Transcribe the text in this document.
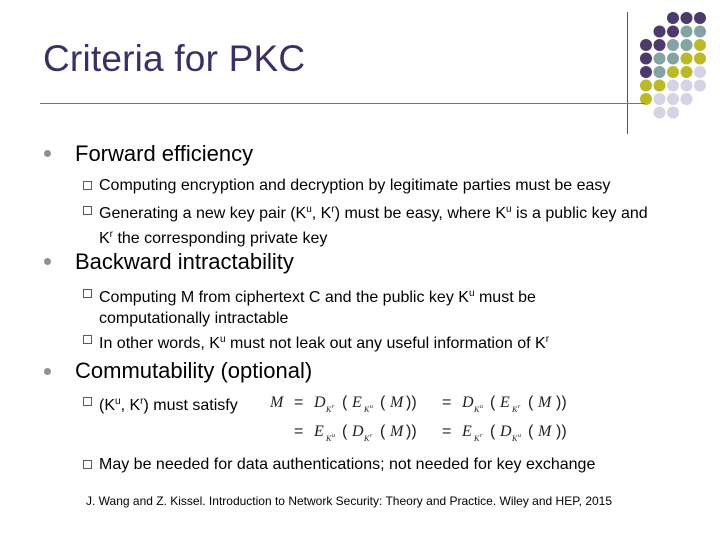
Criteria for PKC
Forward efficiency
Computing encryption and decryption by legitimate parties must be easy
Generating a new key pair ($K^u$, $K^r$) must be easy, where $K^u$ is a public key and $K^r$ the corresponding private key
Backward intractability
Computing M from ciphertext C and the public key $K^u$ must be computationally intractable
In other words, $K^u$ must not leak out any useful information of $K^r$
Commutability (optional)
($K^u$, $K^r$) must satisfy M =
=
=
=
D K r ( E K u ( M ))	D K u ( E K r ( M ))
E K u ( D K r ( M ))	E K r ( D K u ( M ))
May be needed for data authentications; not needed for key exchange
J. Wang and Z. Kissel. Introduction to Network Security: Theory and Practice. Wiley and HEP, 2015
